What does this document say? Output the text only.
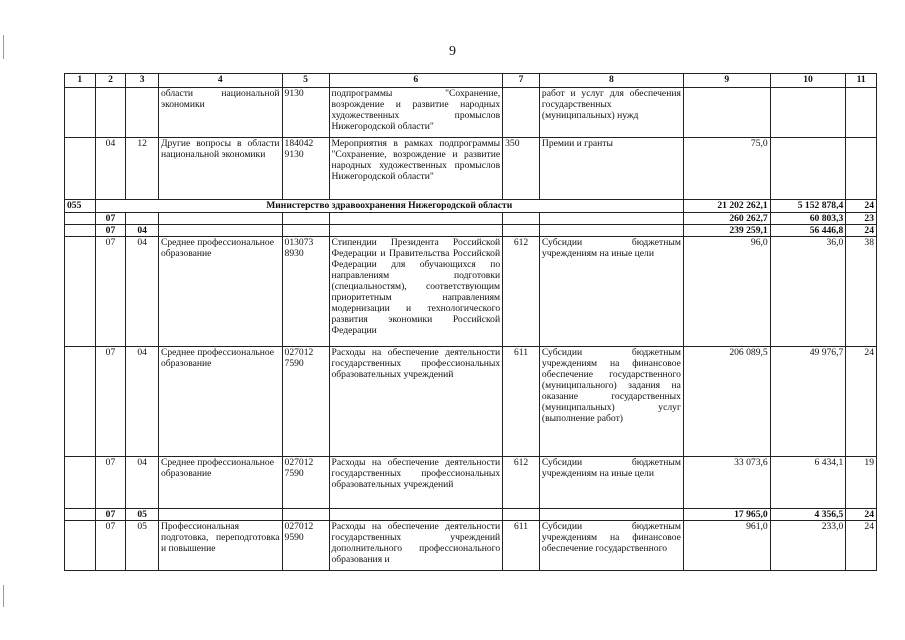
9
1	2	3	4	5	6	7	8	9	10	11
			области национальной экономики	9130	подпрограммы "Сохранение, возрождение и развитие народных художественных промыслов Нижегородской области"		работ и услуг для обеспечения государственных (муниципальных) нужд			
	04	12	Другие вопросы в области национальной экономики	184042 9130	Мероприятия в рамках подпрограммы "Сохранение, возрождение и развитие народных художественных промыслов Нижегородской области"	350	Премии и гранты	75,0		
055	Министерство здравоохранения Нижегородской области							21 202 262,1	5 152 878,4	24
	07							260 262,7	60 803,3	23
	07	04						239 259,1	56 446,8	24
	07	04	Среднее профессиональное образование	013073 8930	Стипендии Президента Российской Федерации и Правительства Российской Федерации для обучающихся по направлениям подготовки (специальностям), соответствующим приоритетным направлениям модернизации и технологического развития экономики Российской Федерации	612	Субсидии бюджетным учреждениям на иные цели	96,0	36,0	38
	07	04	Среднее профессиональное образование	027012 7590	Расходы на обеспечение деятельности государственных профессиональных образовательных учреждений	611	Субсидии бюджетным учреждениям на финансовое обеспечение государственного (муниципального) задания на оказание государственных (муниципальных) услуг (выполнение работ)	206 089,5	49 976,7	24
	07	04	Среднее профессиональное образование	027012 7590	Расходы на обеспечение деятельности государственных профессиональных образовательных учреждений	612	Субсидии бюджетным учреждениям на иные цели	33 073,6	6 434,1	19
	07	05						17 965,0	4 356,5	24
	07	05	Профессиональная подготовка, переподготовка и повышение	027012 9590	Расходы на обеспечение деятельности государственных учреждений дополнительного профессионального образования и	611	Субсидии бюджетным учреждениям на финансовое обеспечение государственного	961,0	233,0	24
